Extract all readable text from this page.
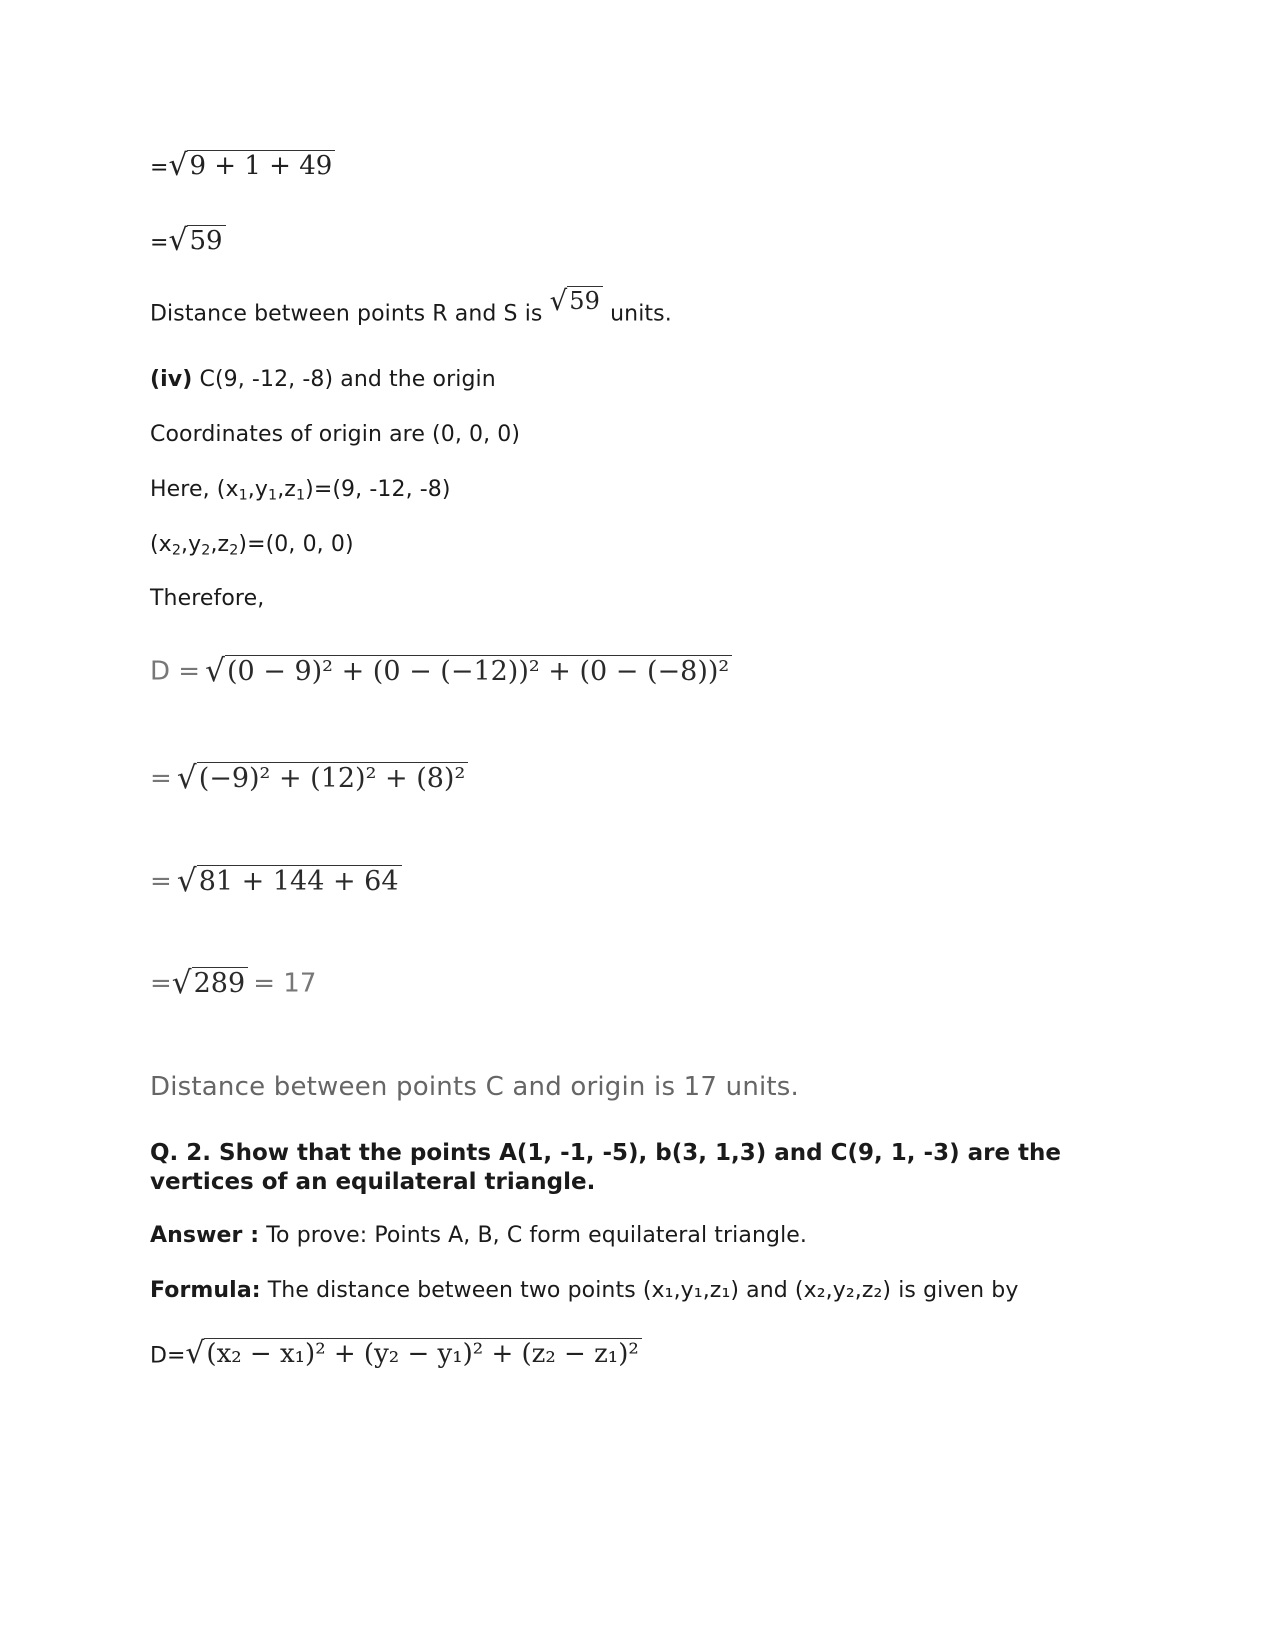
= √ 9 + 1 + 49
= √ 59
Distance between points R and S is √ 59 units.
(iv) C(9, -12, -8) and the origin
Coordinates of origin are (0, 0, 0)
Here, $(x_1,y_1,z_1)=(9$, -12, -8)
$(x_2,y_2,z_2)=(0$, 0, 0)
Therefore,
D = √ (0 − 9)² + (0 − (−12))² + (0 − (−8))²
= √ (−9)² + (12)² + (8)²
= √ 81 + 144 + 64
= √ 289 = 17
Distance between points C and origin is 17 units.
Q. 2. Show that the points A(1, -1, -5), b(3, 1,3) and C(9, 1, -3) are the vertices of an equilateral triangle.
Answer : To prove: Points A, B, C form equilateral triangle.
Formula: The distance between two points (x₁,y₁,z₁) and (x₂,y₂,z₂) is given by
D= √ (x₂ − x₁)² + (y₂ − y₁)² + (z₂ − z₁)²
